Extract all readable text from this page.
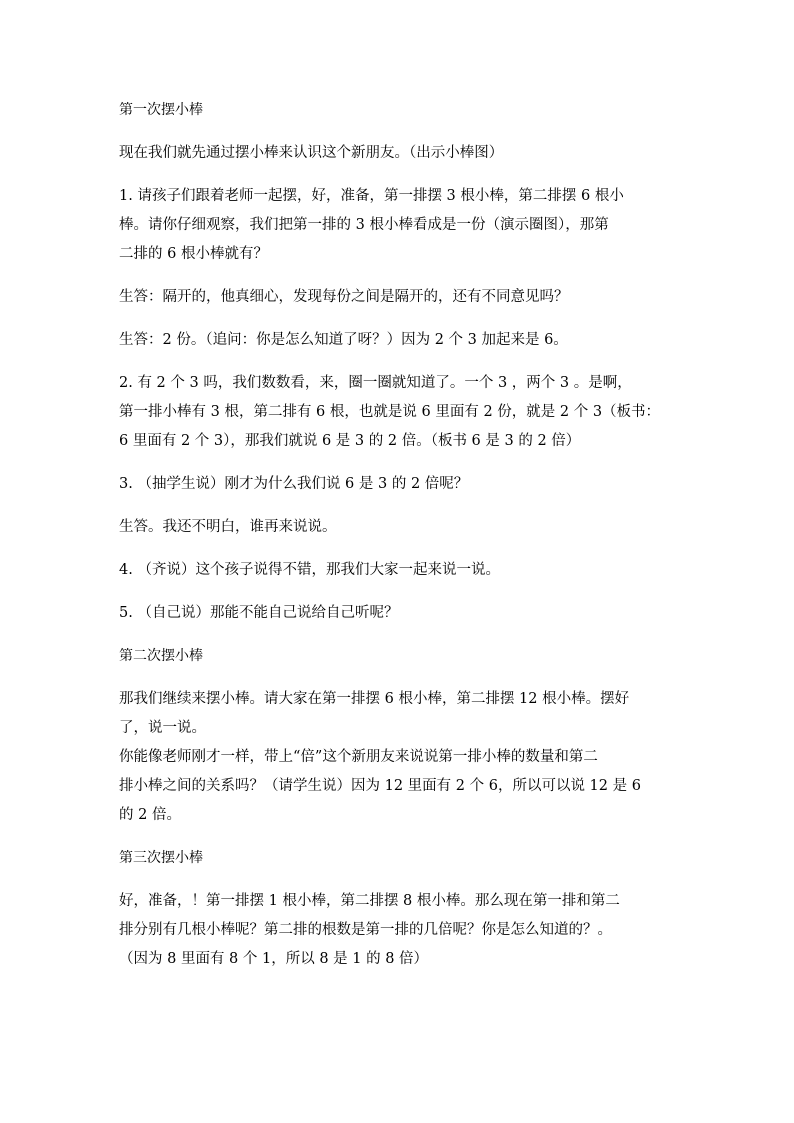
第一次摆小棒

现在我们就先通过摆小棒来认识这个新朋友。（出示小棒图）

1. 请孩子们跟着老师一起摆，好，准备，第一排摆 3 根小棒，第二排摆 6 根小

棒。请你仔细观察，我们把第一排的 3 根小棒看成是一份（演示圈图），那第

二排的 6 根小棒就有？

生答：隔开的，他真细心，发现每份之间是隔开的，还有不同意见吗？

生答：2 份。（追问：你是怎么知道了呀？）因为 2 个 3 加起来是 6。

2. 有 2 个 3 吗，我们数数看，来，圈一圈就知道了。一个 3 ，两个 3 。是啊，

第一排小棒有 3 根，第二排有 6 根，也就是说 6 里面有 2 份，就是 2 个 3（板书：

6 里面有 2 个 3），那我们就说 6 是 3 的 2 倍。（板书 6 是 3 的 2 倍）

3. （抽学生说）刚才为什么我们说 6 是 3 的 2 倍呢？

生答。我还不明白，谁再来说说。

4. （齐说）这个孩子说得不错，那我们大家一起来说一说。

5. （自己说）那能不能自己说给自己听呢？

第二次摆小棒

那我们继续来摆小棒。请大家在第一排摆 6 根小棒，第二排摆 12 根小棒。摆好

了，说一说。

你能像老师刚才一样，带上“倍”这个新朋友来说说第一排小棒的数量和第二

排小棒之间的关系吗？（请学生说）因为 12 里面有 2 个 6，所以可以说 12 是 6

的 2 倍。

第三次摆小棒

好，准备，！第一排摆 1 根小棒，第二排摆 8 根小棒。那么现在第一排和第二

排分别有几根小棒呢？第二排的根数是第一排的几倍呢？你是怎么知道的？。

（因为 8 里面有 8 个 1，所以 8 是 1 的 8 倍）
